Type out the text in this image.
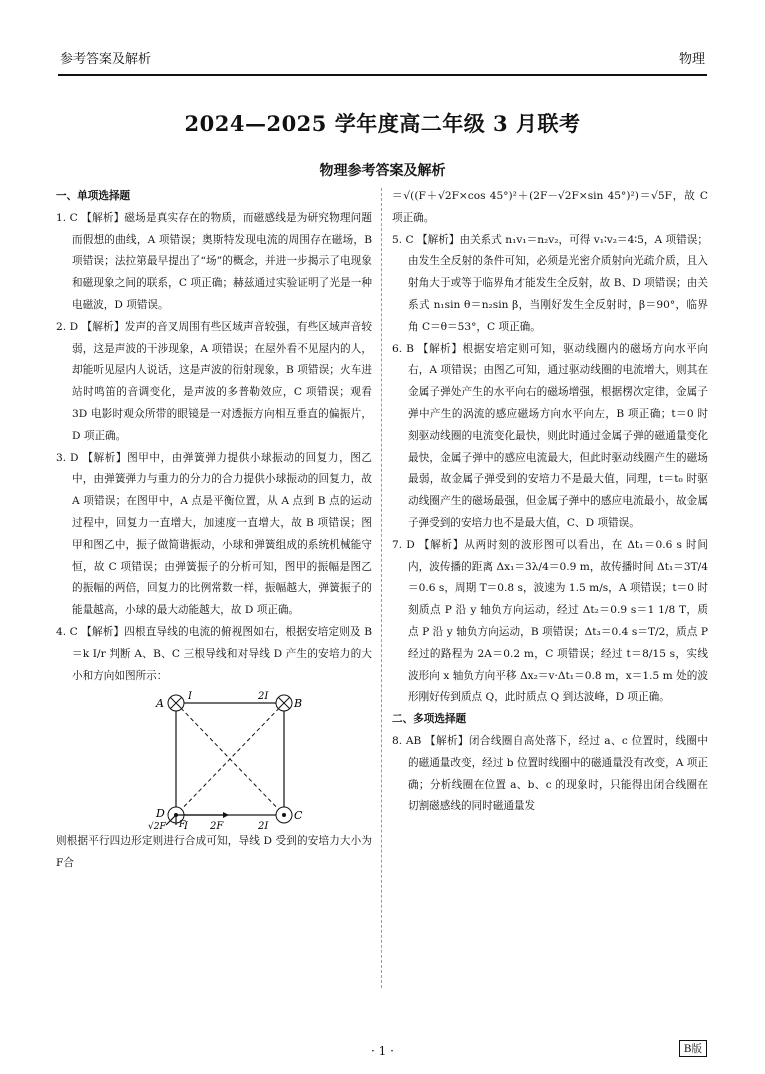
参考答案及解析	物理
2024—2025 学年度高二年级 3 月联考
物理参考答案及解析
一、单项选择题
1. C 【解析】磁场是真实存在的物质，而磁感线是为研究物理问题而假想的曲线，A 项错误；奥斯特发现电流的周围存在磁场，B 项错误；法拉第最早提出了“场”的概念，并进一步揭示了电现象和磁现象之间的联系，C 项正确；赫兹通过实验证明了光是一种电磁波，D 项错误。
2. D 【解析】发声的音叉周围有些区域声音较强，有些区域声音较弱，这是声波的干涉现象，A 项错误；在屋外看不见屋内的人，却能听见屋内人说话，这是声波的衍射现象，B 项错误；火车进站时鸣笛的音调变化，是声波的多普勒效应，C 项错误；观看 3D 电影时观众所带的眼镜是一对透振方向相互垂直的偏振片，D 项正确。
3. D 【解析】图甲中，由弹簧弹力提供小球振动的回复力，图乙中，由弹簧弹力与重力的分力的合力提供小球振动的回复力，故 A 项错误；在图甲中，A 点是平衡位置，从 A 点到 B 点的运动过程中，回复力一直增大，加速度一直增大，故 B 项错误；图甲和图乙中，振子做简谐振动，小球和弹簧组成的系统机械能守恒，故 C 项错误；由弹簧振子的分析可知，图甲的振幅是图乙的振幅的两倍，回复力的比例常数一样，振幅越大，弹簧振子的能量越高，小球的最大动能越大，故 D 项正确。
4. C 【解析】四根直导线的电流的俯视图如右，根据安培定则及 B＝k I/r 判断 A、B、C 三根导线和对导线 D 产生的安培力的大小和方向如图所示：
A
I	2I
B
D
I 2F	2I
C
F
√2F
则根据平行四边形定则进行合成可知，导线 D 受到的安培力大小为 F合
＝√((F＋√2F×cos 45°)²＋(2F－√2F×sin 45°)²)＝√5F，故 C 项正确。
5. C 【解析】由关系式 n₁v₁＝n₂v₂，可得 v₁∶v₂＝4∶5，A 项错误；由发生全反射的条件可知，必须是光密介质射向光疏介质，且入射角大于或等于临界角才能发生全反射，故 B、D 项错误；由关系式 n₁sin θ＝n₂sin β，当刚好发生全反射时，β＝90°，临界角 C＝θ＝53°，C 项正确。
6. B 【解析】根据安培定则可知，驱动线圈内的磁场方向水平向右，A 项错误；由图乙可知，通过驱动线圈的电流增大，则其在金属子弹处产生的水平向右的磁场增强，根据楞次定律，金属子弹中产生的涡流的感应磁场方向水平向左，B 项正确；t＝0 时刻驱动线圈的电流变化最快，则此时通过金属子弹的磁通量变化最快，金属子弹中的感应电流最大，但此时驱动线圈产生的磁场最弱，故金属子弹受到的安培力不是最大值，同理，t＝t₀ 时驱动线圈产生的磁场最强，但金属子弹中的感应电流最小，故金属子弹受到的安培力也不是最大值，C、D 项错误。
7. D 【解析】从两时刻的波形图可以看出，在 Δt₁＝0.6 s 时间内，波传播的距离 Δx₁＝3λ/4＝0.9 m，故传播时间 Δt₁＝3T/4＝0.6 s，周期 T＝0.8 s，波速为 1.5 m/s，A 项错误；t＝0 时刻质点 P 沿 y 轴负方向运动，经过 Δt₂＝0.9 s＝1 1/8 T，质点 P 沿 y 轴负方向运动，B 项错误；Δt₃＝0.4 s＝T/2，质点 P 经过的路程为 2A＝0.2 m，C 项错误；经过 t＝8/15 s，实线波形向 x 轴负方向平移 Δx₂＝v·Δt₁＝0.8 m，x＝1.5 m 处的波形刚好传到质点 Q，此时质点 Q 到达波峰，D 项正确。
二、多项选择题
8. AB 【解析】闭合线圈自高处落下，经过 a、c 位置时，线圈中的磁通量改变，经过 b 位置时线圈中的磁通量没有改变，A 项正确；分析线圈在位置 a、b、c 的现象时，只能得出闭合线圈在切割磁感线的同时磁通量发
· 1 ·	B版
